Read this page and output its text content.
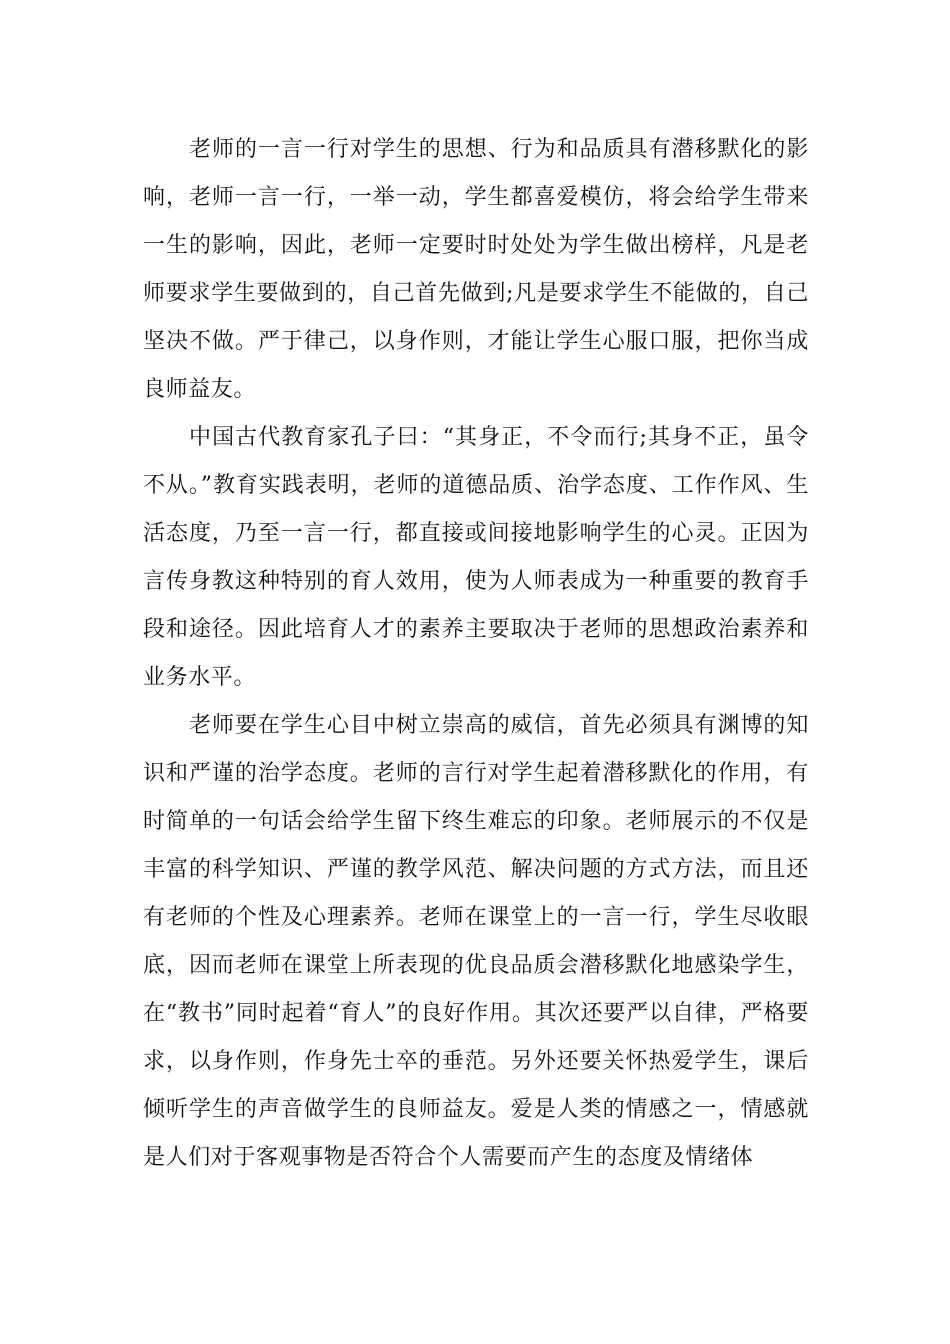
老师的一言一行对学生的思想、行为和品质具有潜移默化的影响，老师一言一行，一举一动，学生都喜爱模仿，将会给学生带来一生的影响，因此，老师一定要时时处处为学生做出榜样，凡是老师要求学生要做到的，自己首先做到;凡是要求学生不能做的，自己坚决不做。严于律己，以身作则，才能让学生心服口服，把你当成良师益友。

中国古代教育家孔子曰：“其身正，不令而行;其身不正，虽令不从。”教育实践表明，老师的道德品质、治学态度、工作作风、生活态度，乃至一言一行，都直接或间接地影响学生的心灵。正因为言传身教这种特别的育人效用，使为人师表成为一种重要的教育手段和途径。因此培育人才的素养主要取决于老师的思想政治素养和业务水平。

老师要在学生心目中树立崇高的威信，首先必须具有渊博的知识和严谨的治学态度。老师的言行对学生起着潜移默化的作用，有时简单的一句话会给学生留下终生难忘的印象。老师展示的不仅是丰富的科学知识、严谨的教学风范、解决问题的方式方法，而且还有老师的个性及心理素养。老师在课堂上的一言一行，学生尽收眼底，因而老师在课堂上所表现的优良品质会潜移默化地感染学生，在“教书”同时起着“育人”的良好作用。其次还要严以自律，严格要求，以身作则，作身先士卒的垂范。另外还要关怀热爱学生，课后倾听学生的声音做学生的良师益友。爱是人类的情感之一，情感就是人们对于客观事物是否符合个人需要而产生的态度及情绪体
